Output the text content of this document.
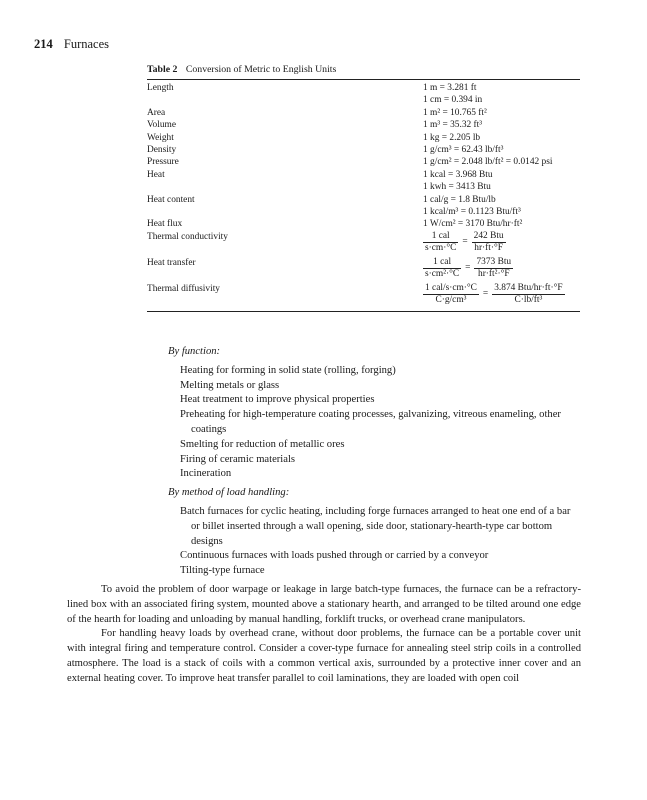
214 Furnaces
Table 2 Conversion of Metric to English Units
Length	1 m = 3.281 ft
1 cm = 0.394 in
Area	1 m² = 10.765 ft²
Volume	1 m³ = 35.32 ft³
Weight	1 kg = 2.205 lb
Density	1 g/cm³ = 62.43 lb/ft³
Pressure	1 g/cm² = 2.048 lb/ft² = 0.0142 psi
Heat	1 kcal = 3.968 Btu
1 kwh = 3413 Btu
Heat content	1 cal/g = 1.8 Btu/lb
1 kcal/m³ = 0.1123 Btu/ft³
Heat flux	1 W/cm² = 3170 Btu/hr·ft²
Thermal conductivity	$\frac{\text{1 cal}}{s\cdot cm\cdot^\circ C} = \frac{\text{242 Btu}}{hr\cdot ft\cdot^\circ F}$
Heat transfer	$\frac{\text{1 cal}}{\text{s·cm²·°C}} = \frac{\text{7373 Btu}}{\text{hr·ft²·°F}}$
Thermal diffusivity	$\frac{\text{1 cal/s·cm·°C}}{\text{C·g/cm³}} = \frac{\text{3.874 Btu/hr·ft·°F}}{\text{C·lb/ft³}}$
By function:
Heating for forming in solid state (rolling, forging)
Melting metals or glass
Heat treatment to improve physical properties
Preheating for high-temperature coating processes, galvanizing, vitreous enameling, other coatings
Smelting for reduction of metallic ores
Firing of ceramic materials
Incineration
By method of load handling:
Batch furnaces for cyclic heating, including forge furnaces arranged to heat one end of a bar or billet inserted through a wall opening, side door, stationary-hearth-type car bottom designs
Continuous furnaces with loads pushed through or carried by a conveyor
Tilting-type furnace

To avoid the problem of door warpage or leakage in large batch-type furnaces, the furnace can be a refractory-lined box with an associated firing system, mounted above a stationary hearth, and arranged to be tilted around one edge of the hearth for loading and unloading by manual handling, forklift trucks, or overhead crane manipulators.

For handling heavy loads by overhead crane, without door problems, the furnace can be a portable cover unit with integral firing and temperature control. Consider a cover-type furnace for annealing steel strip coils in a controlled atmosphere. The load is a stack of coils with a common vertical axis, surrounded by a protective inner cover and an external heating cover. To improve heat transfer parallel to coil laminations, they are loaded with open coil
